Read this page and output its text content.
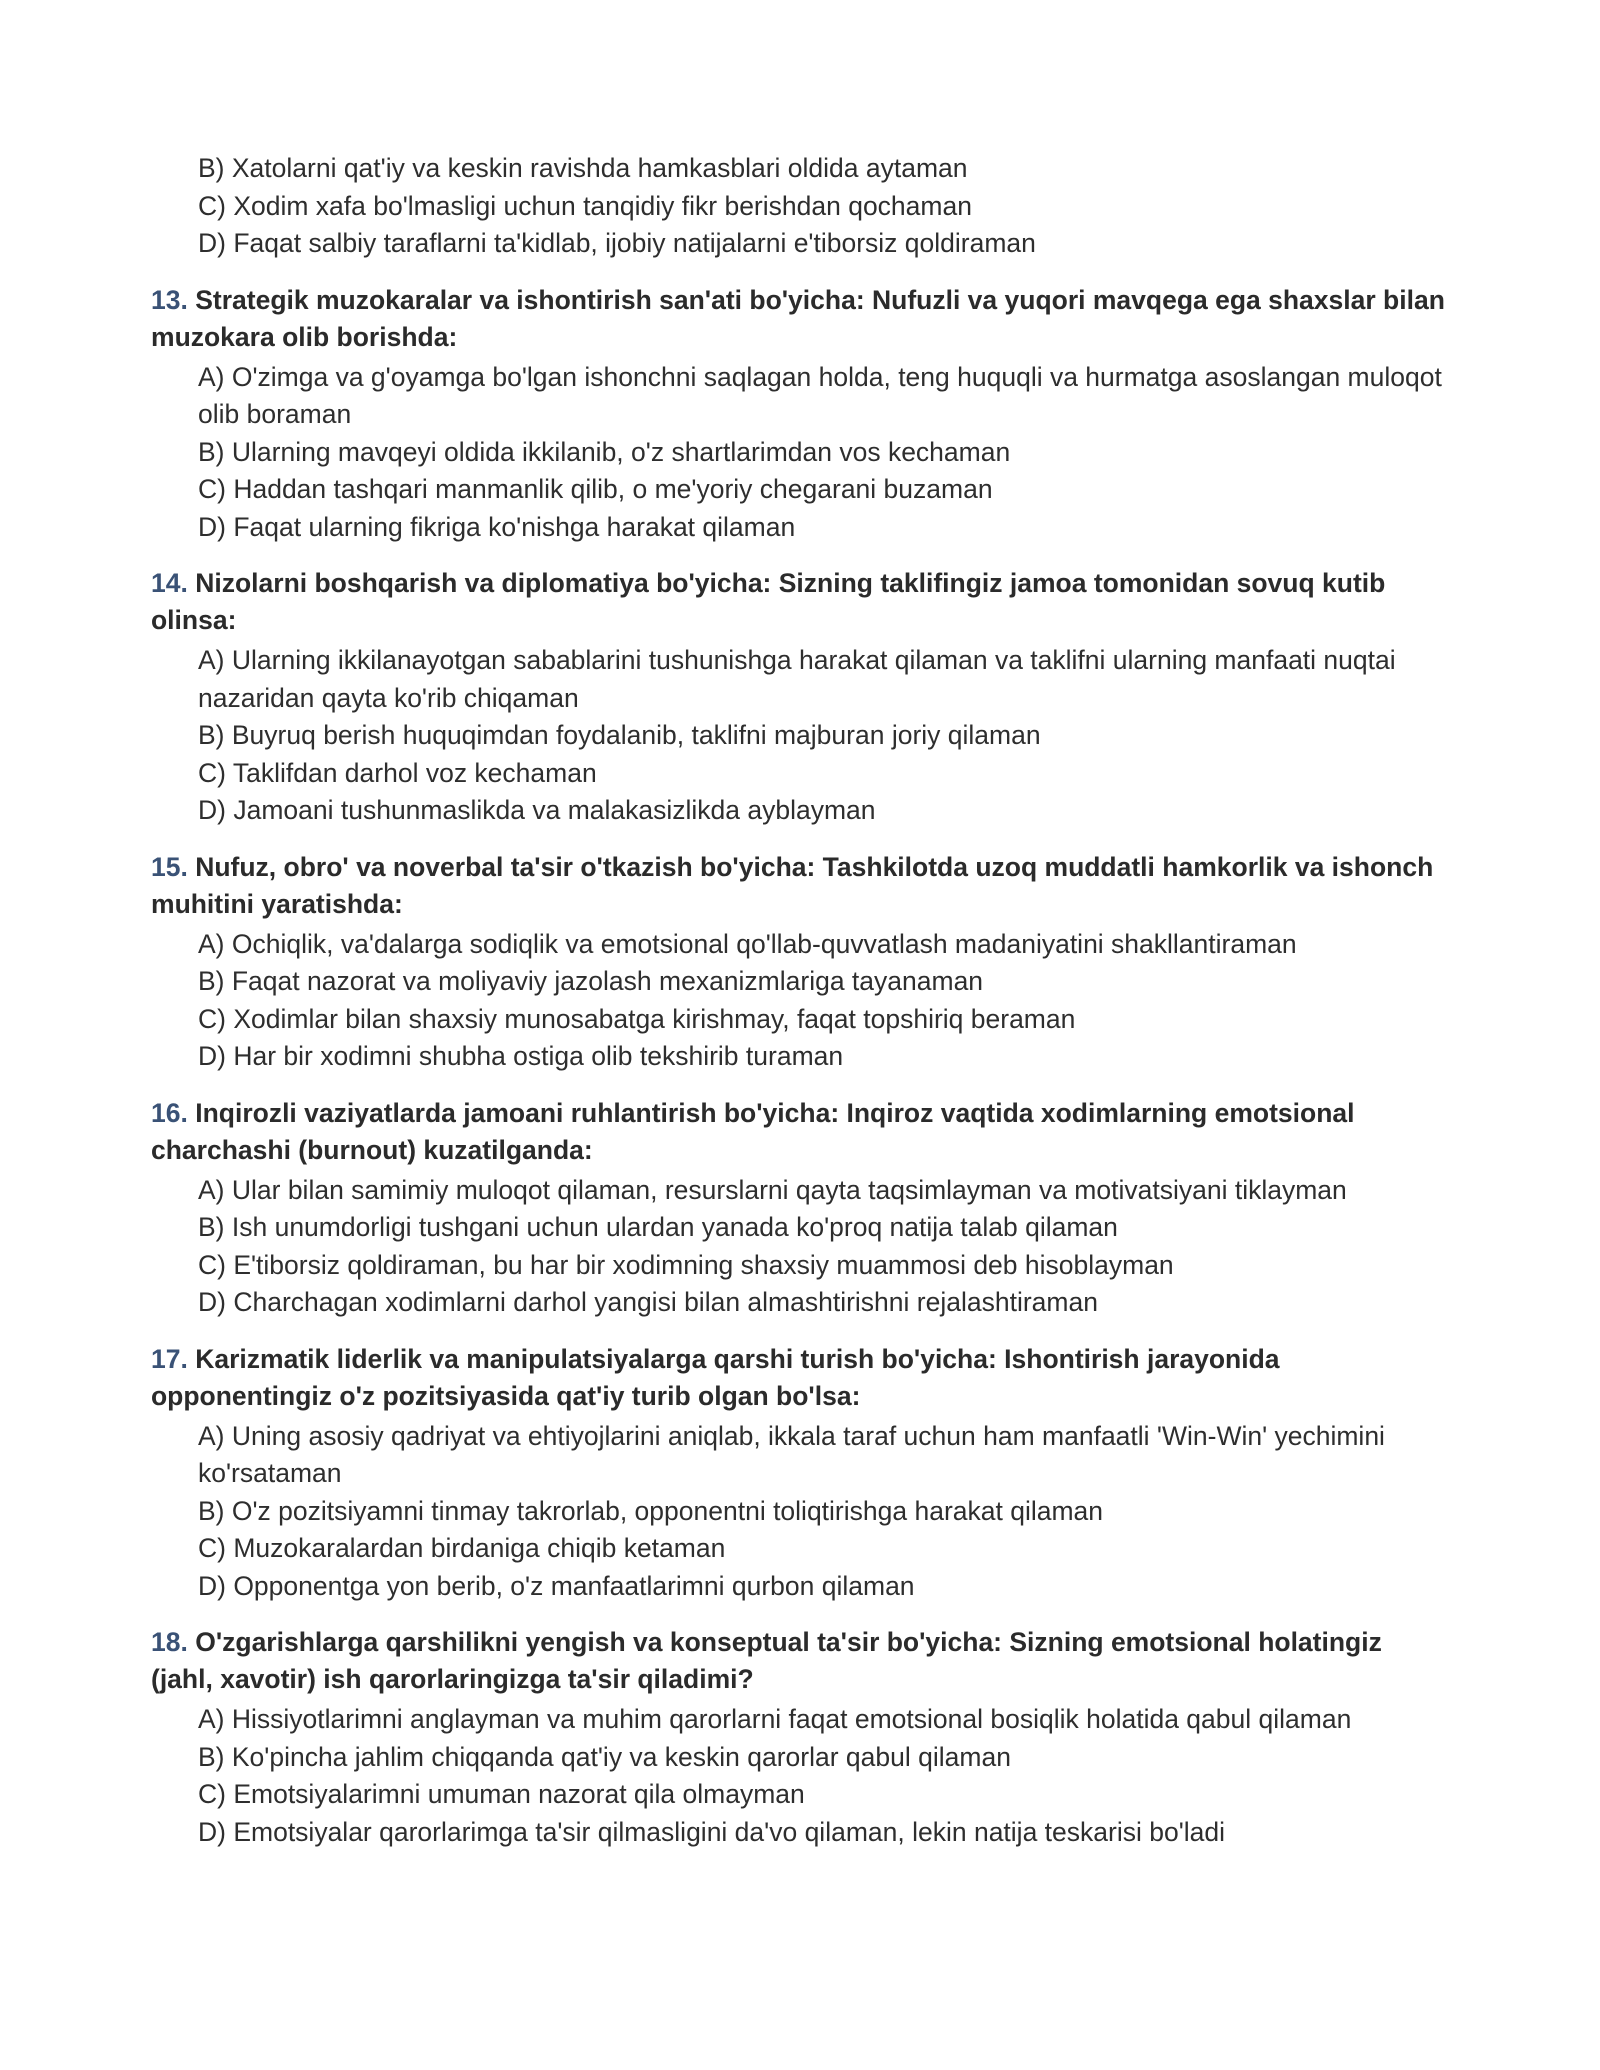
B) Xatolarni qat'iy va keskin ravishda hamkasblari oldida aytaman

C) Xodim xafa bo'lmasligi uchun tanqidiy fikr berishdan qochaman

D) Faqat salbiy taraflarni ta'kidlab, ijobiy natijalarni e'tiborsiz qoldiraman

13. Strategik muzokaralar va ishontirish san'ati bo'yicha: Nufuzli va yuqori mavqega ega shaxslar bilan muzokara olib borishda:

A) O'zimga va g'oyamga bo'lgan ishonchni saqlagan holda, teng huquqli va hurmatga asoslangan muloqot olib boraman

B) Ularning mavqeyi oldida ikkilanib, o'z shartlarimdan vos kechaman

C) Haddan tashqari manmanlik qilib, o me'yoriy chegarani buzaman

D) Faqat ularning fikriga ko'nishga harakat qilaman

14. Nizolarni boshqarish va diplomatiya bo'yicha: Sizning taklifingiz jamoa tomonidan sovuq kutib olinsa:

A) Ularning ikkilanayotgan sabablarini tushunishga harakat qilaman va taklifni ularning manfaati nuqtai nazaridan qayta ko'rib chiqaman

B) Buyruq berish huquqimdan foydalanib, taklifni majburan joriy qilaman

C) Taklifdan darhol voz kechaman

D) Jamoani tushunmaslikda va malakasizlikda ayblayman

15. Nufuz, obro' va noverbal ta'sir o'tkazish bo'yicha: Tashkilotda uzoq muddatli hamkorlik va ishonch muhitini yaratishda:

A) Ochiqlik, va'dalarga sodiqlik va emotsional qo'llab-quvvatlash madaniyatini shakllantiraman

B) Faqat nazorat va moliyaviy jazolash mexanizmlariga tayanaman

C) Xodimlar bilan shaxsiy munosabatga kirishmay, faqat topshiriq beraman

D) Har bir xodimni shubha ostiga olib tekshirib turaman

16. Inqirozli vaziyatlarda jamoani ruhlantirish bo'yicha: Inqiroz vaqtida xodimlarning emotsional charchashi (burnout) kuzatilganda:

A) Ular bilan samimiy muloqot qilaman, resurslarni qayta taqsimlayman va motivatsiyani tiklayman

B) Ish unumdorligi tushgani uchun ulardan yanada ko'proq natija talab qilaman

C) E'tiborsiz qoldiraman, bu har bir xodimning shaxsiy muammosi deb hisoblayman

D) Charchagan xodimlarni darhol yangisi bilan almashtirishni rejalashtiraman

17. Karizmatik liderlik va manipulatsiyalarga qarshi turish bo'yicha: Ishontirish jarayonida opponentingiz o'z pozitsiyasida qat'iy turib olgan bo'lsa:

A) Uning asosiy qadriyat va ehtiyojlarini aniqlab, ikkala taraf uchun ham manfaatli 'Win-Win' yechimini ko'rsataman

B) O'z pozitsiyamni tinmay takrorlab, opponentni toliqtirishga harakat qilaman

C) Muzokaralardan birdaniga chiqib ketaman

D) Opponentga yon berib, o'z manfaatlarimni qurbon qilaman

18. O'zgarishlarga qarshilikni yengish va konseptual ta'sir bo'yicha: Sizning emotsional holatingiz (jahl, xavotir) ish qarorlaringizga ta'sir qiladimi?

A) Hissiyotlarimni anglayman va muhim qarorlarni faqat emotsional bosiqlik holatida qabul qilaman

B) Ko'pincha jahlim chiqqanda qat'iy va keskin qarorlar qabul qilaman

C) Emotsiyalarimni umuman nazorat qila olmayman

D) Emotsiyalar qarorlarimga ta'sir qilmasligini da'vo qilaman, lekin natija teskarisi bo'ladi
